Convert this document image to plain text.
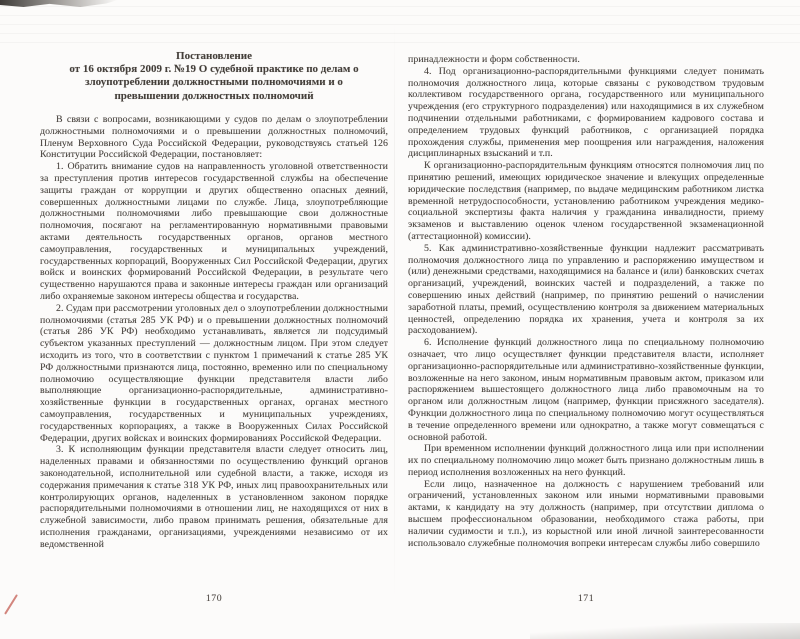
Постановление
от 16 октября 2009 г. №19 О судебной практике по делам о
злоупотреблении должностными полномочиями и о
превышении должностных полномочий

В связи с вопросами, возникающими у судов по делам о злоупотреблении должностными полномочиями и о превышении должностных полномочий, Пленум Верховного Суда Российской Федерации, руководствуясь статьей 126 Конституции Российской Федерации, постановляет:

1. Обратить внимание судов на направленность уголовной ответственности за преступления против интересов государственной службы на обеспечение защиты граждан от коррупции и других общественно опасных деяний, совершенных должностными лицами по службе. Лица, злоупотребляющие должностными полномочиями либо превышающие свои должностные полномочия, посягают на регламентированную нормативными правовыми актами деятельность государственных органов, органов местного самоуправления, государственных и муниципальных учреждений, государственных корпораций, Вооруженных Сил Российской Федерации, других войск и воинских формирований Российской Федерации, в результате чего существенно нарушаются права и законные интересы граждан или организаций либо охраняемые законом интересы общества и государства.

2. Судам при рассмотрении уголовных дел о злоупотреблении должностными полномочиями (статья 285 УК РФ) и о превышении должностных полномочий (статья 286 УК РФ) необходимо устанавливать, является ли подсудимый субъектом указанных преступлений — должностным лицом. При этом следует исходить из того, что в соответствии с пунктом 1 примечаний к статье 285 УК РФ должностными признаются лица, постоянно, временно или по специальному полномочию осуществляющие функции представителя власти либо выполняющие организационно-распорядительные, административно-хозяйственные функции в государственных органах, органах местного самоуправления, государственных и муниципальных учреждениях, государственных корпорациях, а также в Вооруженных Силах Российской Федерации, других войсках и воинских формированиях Российской Федерации.

3. К исполняющим функции представителя власти следует относить лиц, наделенных правами и обязанностями по осуществлению функций органов законодательной, исполнительной или судебной власти, а также, исходя из содержания примечания к статье 318 УК РФ, иных лиц правоохранительных или контролирующих органов, наделенных в установленном законом порядке распорядительными полномочиями в отношении лиц, не находящихся от них в служебной зависимости, либо правом принимать решения, обязательные для исполнения гражданами, организациями, учреждениями независимо от их ведомственной

170

принадлежности и форм собственности.

4. Под организационно-распорядительными функциями следует понимать полномочия должностного лица, которые связаны с руководством трудовым коллективом государственного органа, государственного или муниципального учреждения (его структурного подразделения) или находящимися в их служебном подчинении отдельными работниками, с формированием кадрового состава и определением трудовых функций работников, с организацией порядка прохождения службы, применения мер поощрения или награждения, наложения дисциплинарных взысканий и т.п.

К организационно-распорядительным функциям относятся полномочия лиц по принятию решений, имеющих юридическое значение и влекущих определенные юридические последствия (например, по выдаче медицинским работником листка временной нетрудоспособности, установлению работником учреждения медико-социальной экспертизы факта наличия у гражданина инвалидности, приему экзаменов и выставлению оценок членом государственной экзаменационной (аттестационной) комиссии).

5. Как административно-хозяйственные функции надлежит рассматривать полномочия должностного лица по управлению и распоряжению имуществом и (или) денежными средствами, находящимися на балансе и (или) банковских счетах организаций, учреждений, воинских частей и подразделений, а также по совершению иных действий (например, по принятию решений о начислении заработной платы, премий, осуществлению контроля за движением материальных ценностей, определению порядка их хранения, учета и контроля за их расходованием).

6. Исполнение функций должностного лица по специальному полномочию означает, что лицо осуществляет функции представителя власти, исполняет организационно-распорядительные или административно-хозяйственные функции, возложенные на него законом, иным нормативным правовым актом, приказом или распоряжением вышестоящего должностного лица либо правомочным на то органом или должностным лицом (например, функции присяжного заседателя). Функции должностного лица по специальному полномочию могут осуществляться в течение определенного времени или однократно, а также могут совмещаться с основной работой.

При временном исполнении функций должностного лица или при исполнении их по специальному полномочию лицо может быть признано должностным лишь в период исполнения возложенных на него функций.

Если лицо, назначенное на должность с нарушением требований или ограничений, установленных законом или иными нормативными правовыми актами, к кандидату на эту должность (например, при отсутствии диплома о высшем профессиональном образовании, необходимого стажа работы, при наличии судимости и т.п.), из корыстной или иной личной заинтересованности использовало служебные полномочия вопреки интересам службы либо совершило

171
